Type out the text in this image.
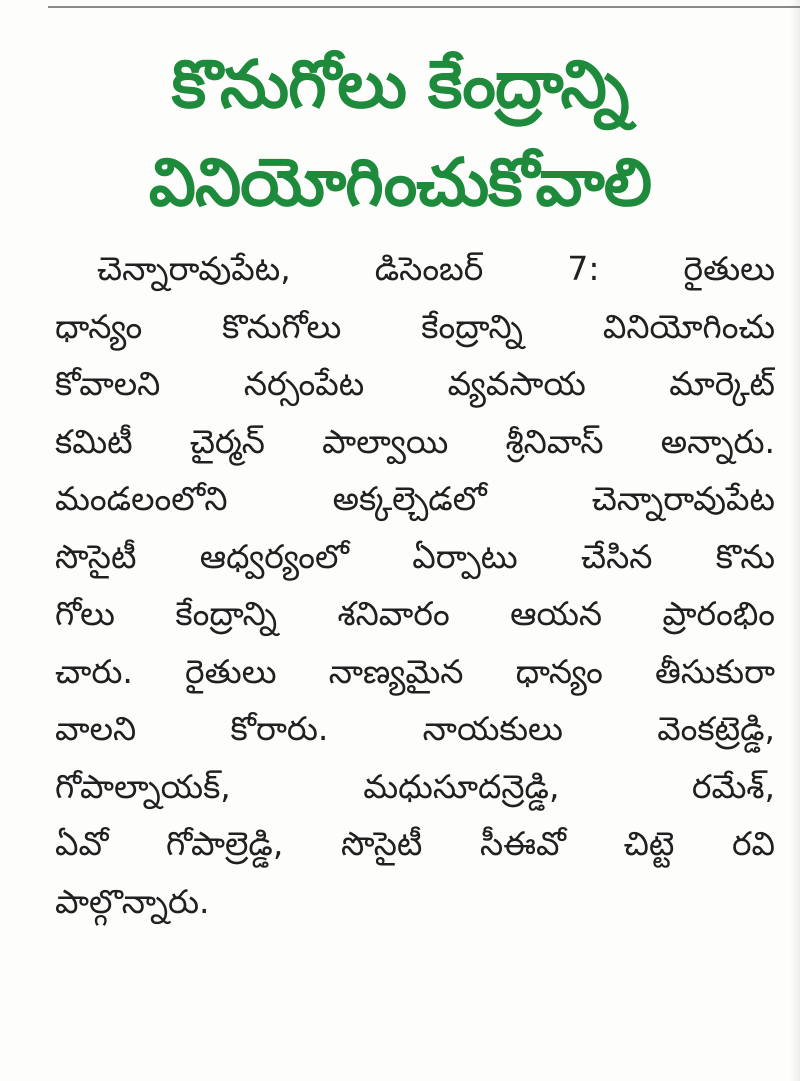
కొనుగోలు కేంద్రాన్ని
వినియోగించుకోవాలి
చెన్నారావుపేట, డిసెంబర్ 7: రైతులు
ధాన్యం కొనుగోలు కేంద్రాన్ని వినియోగించు
కోవాలని నర్సంపేట వ్యవసాయ మార్కెట్
కమిటీ చైర్మన్ పాల్వాయి శ్రీనివాస్ అన్నారు.
మండలంలోని అక్కల్చెడలో చెన్నారావుపేట
సొసైటీ ఆధ్వర్యంలో ఏర్పాటు చేసిన కొను
గోలు కేంద్రాన్ని శనివారం ఆయన ప్రారంభిం
చారు. రైతులు నాణ్యమైన ధాన్యం తీసుకురా
వాలని కోరారు. నాయకులు వెంకట్రెడ్డి,
గోపాల్నాయక్, మధుసూదన్రెడ్డి, రమేశ్,
ఏవో గోపాల్రెడ్డి, సొసైటీ సీఈవో చిట్టె రవి
పాల్గొన్నారు.
